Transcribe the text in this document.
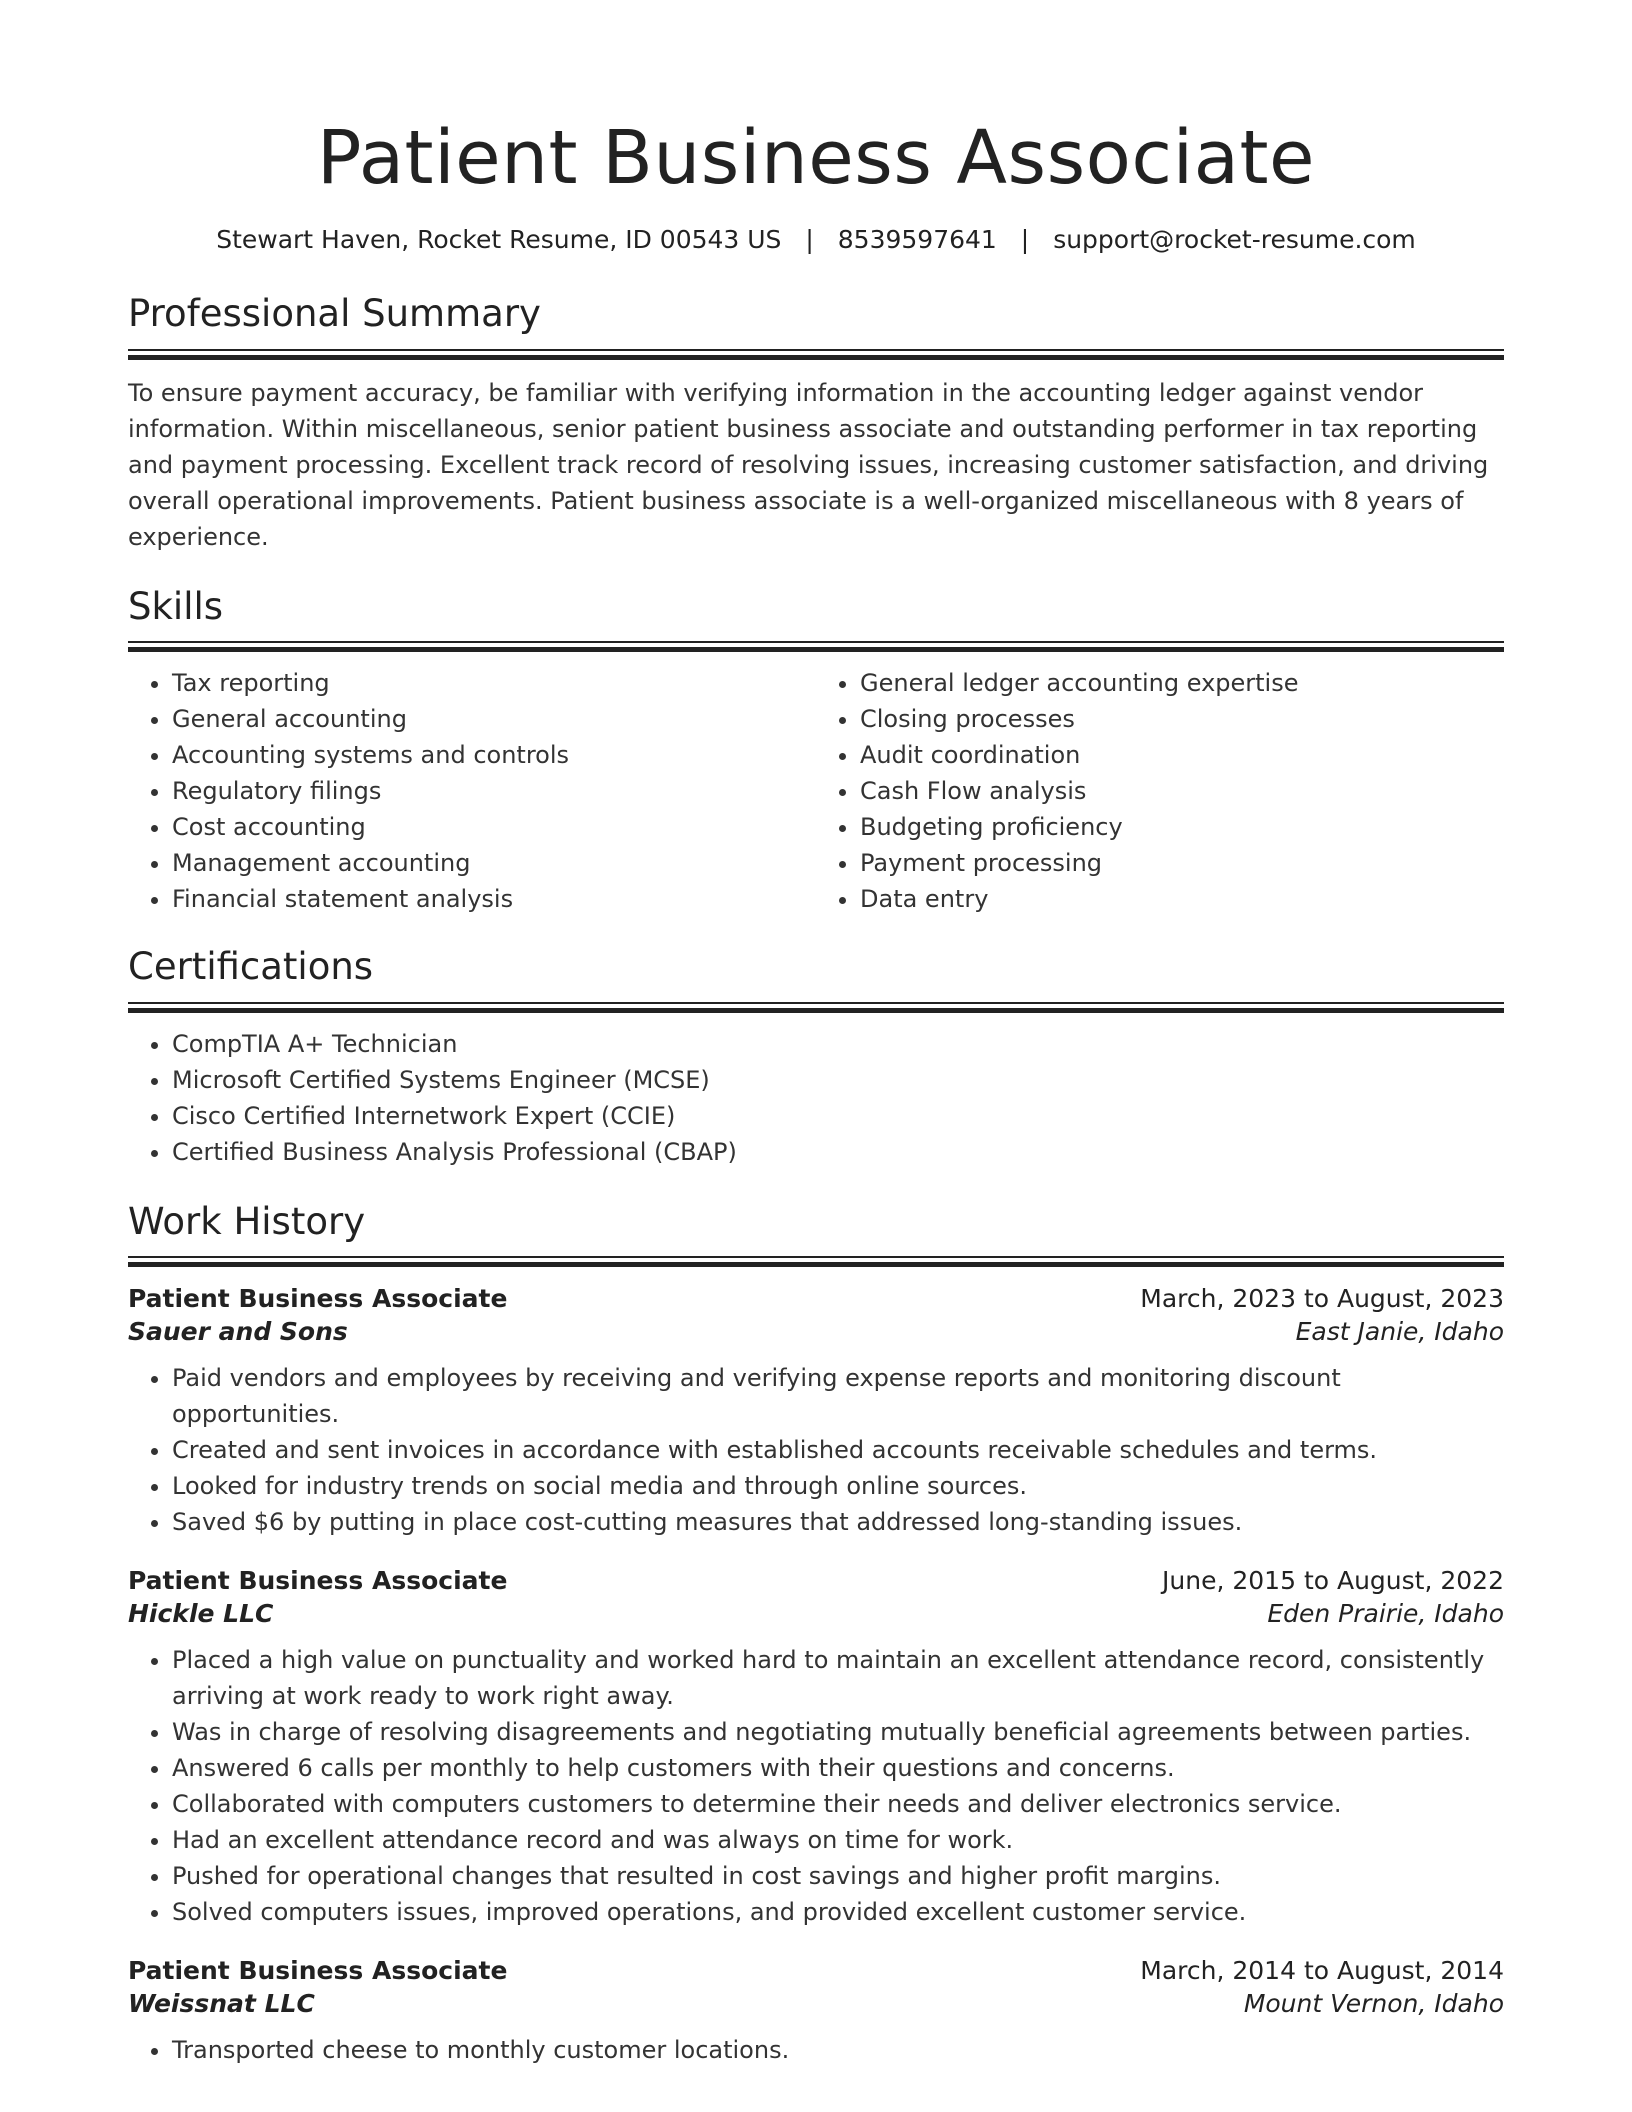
Patient Business Associate
Stewart Haven, Rocket Resume, ID 00543 US | 8539597641 | support@rocket-resume.com
Professional Summary

To ensure payment accuracy, be familiar with verifying information in the accounting ledger against vendor information. Within miscellaneous, senior patient business associate and outstanding performer in tax reporting and payment processing. Excellent track record of resolving issues, increasing customer satisfaction, and driving overall operational improvements. Patient business associate is a well-organized miscellaneous with 8 years of experience.

Skills
• Tax reporting
• General accounting
• Accounting systems and controls
• Regulatory filings
• Cost accounting
• Management accounting
• Financial statement analysis
• General ledger accounting expertise
• Closing processes
• Audit coordination
• Cash Flow analysis
• Budgeting proficiency
• Payment processing
• Data entry
Certifications
• CompTIA A+ Technician
• Microsoft Certified Systems Engineer (MCSE)
• Cisco Certified Internetwork Expert (CCIE)
• Certified Business Analysis Professional (CBAP)
Work History
Patient Business Associate	March, 2023 to August, 2023
Sauer and Sons	East Janie, Idaho
• Paid vendors and employees by receiving and verifying expense reports and monitoring discount opportunities.
• Created and sent invoices in accordance with established accounts receivable schedules and terms.
• Looked for industry trends on social media and through online sources.
• Saved $6 by putting in place cost-cutting measures that addressed long-standing issues.
Patient Business Associate	June, 2015 to August, 2022
Hickle LLC	Eden Prairie, Idaho
• Placed a high value on punctuality and worked hard to maintain an excellent attendance record, consistently arriving at work ready to work right away.
• Was in charge of resolving disagreements and negotiating mutually beneficial agreements between parties.
• Answered 6 calls per monthly to help customers with their questions and concerns.
• Collaborated with computers customers to determine their needs and deliver electronics service.
• Had an excellent attendance record and was always on time for work.
• Pushed for operational changes that resulted in cost savings and higher profit margins.
• Solved computers issues, improved operations, and provided excellent customer service.
Patient Business Associate	March, 2014 to August, 2014
Weissnat LLC	Mount Vernon, Idaho
• Transported cheese to monthly customer locations.
